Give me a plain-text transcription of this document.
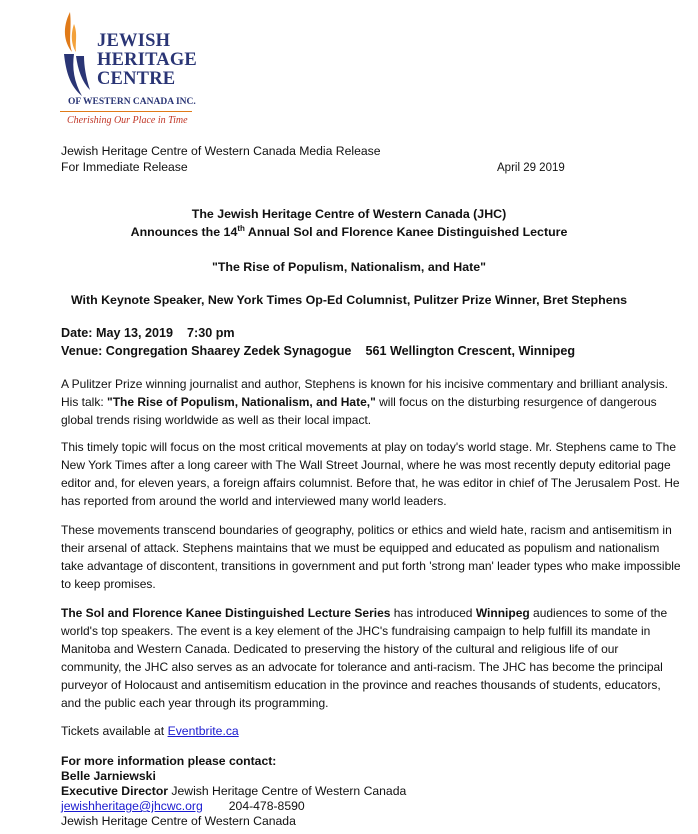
JEWISH
HERITAGE
CENTRE
OF WESTERN CANADA INC.
Cherishing Our Place in Time
Jewish Heritage Centre of Western Canada Media Release
For Immediate Release	April 29 2019
The Jewish Heritage Centre of Western Canada (JHC)
Announces the 14th Annual Sol and Florence Kanee Distinguished Lecture
"The Rise of Populism, Nationalism, and Hate"
With Keynote Speaker, New York Times Op-Ed Columnist, Pulitzer Prize Winner, Bret Stephens
Date: May 13, 2019    7:30 pm
Venue: Congregation Shaarey Zedek Synagogue 561 Wellington Crescent, Winnipeg
A Pulitzer Prize winning journalist and author, Stephens is known for his incisive commentary and brilliant analysis. His talk: "The Rise of Populism, Nationalism, and Hate," will focus on the disturbing resurgence of dangerous global trends rising worldwide as well as their local impact.
This timely topic will focus on the most critical movements at play on today's world stage. Mr. Stephens came to The New York Times after a long career with The Wall Street Journal, where he was most recently deputy editorial page editor and, for eleven years, a foreign affairs columnist. Before that, he was editor in chief of The Jerusalem Post. He has reported from around the world and interviewed many world leaders.
These movements transcend boundaries of geography, politics or ethics and wield hate, racism and antisemitism in their arsenal of attack. Stephens maintains that we must be equipped and educated as populism and nationalism take advantage of discontent, transitions in government and put forth 'strong man' leader types who make impossible to keep promises.
The Sol and Florence Kanee Distinguished Lecture Series has introduced Winnipeg audiences to some of the world's top speakers. The event is a key element of the JHC's fundraising campaign to help fulfill its mandate in Manitoba and Western Canada. Dedicated to preserving the history of the cultural and religious life of our community, the JHC also serves as an advocate for tolerance and anti-racism. The JHC has become the principal purveyor of Holocaust and antisemitism education in the province and reaches thousands of students, educators, and the public each year through its programming.
Tickets available at Eventbrite.ca
For more information please contact:
Belle Jarniewski
Executive Director Jewish Heritage Centre of Western Canada
jewishheritage@jhcwc.org 204-478-8590
Jewish Heritage Centre of Western Canada
